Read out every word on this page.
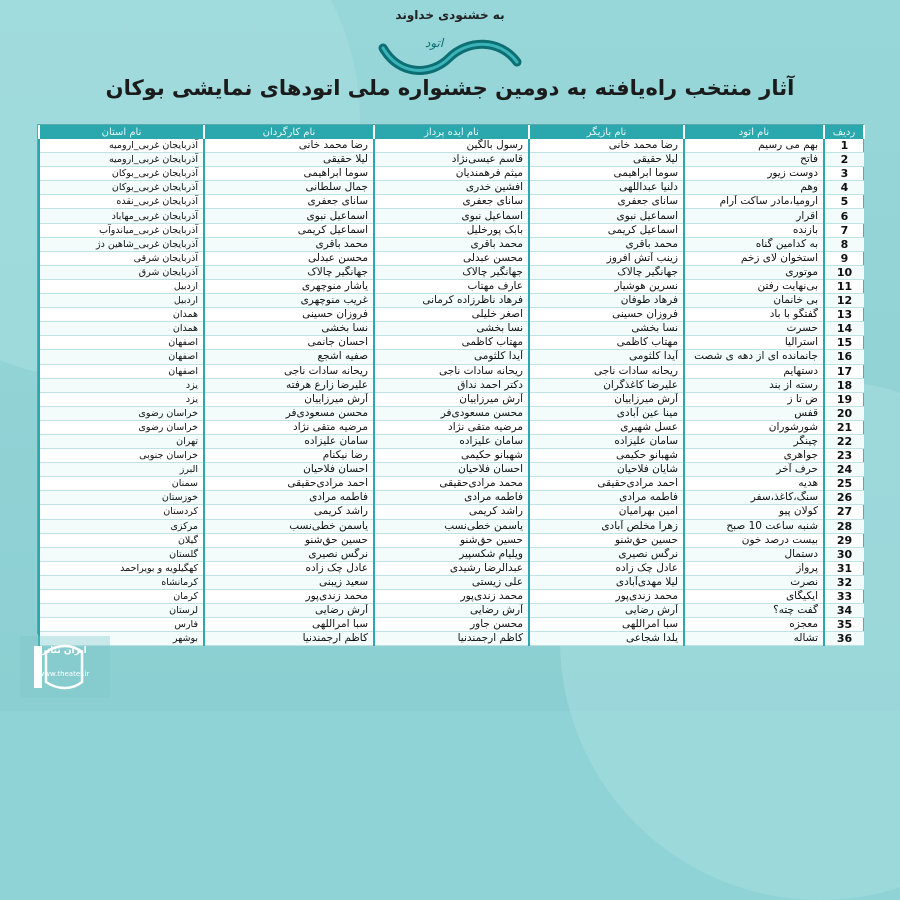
به خشنودی خداوند
اتود
آثار منتخب راه‌یافته به دومین جشنواره ملی اتودهای نمایشی بوکان
ردیف	نام اتود	نام بازیگر	نام ایده پرداز	نام کارگردان	نام استان
1	بهم می رسیم	رضا محمد خانی	رسول بالگین	رضا محمد خانی	آذربایجان غربی_ارومیه
2	فاتح	لیلا حقیقی	قاسم عیسی‌نژاد	لیلا حقیقی	آذربایجان غربی_ارومیه
3	دوست زیور	سوما ابراهیمی	میثم فرهمندیان	سوما ابراهیمی	آذربایجان غربی_بوکان
4	وهم	دلنیا عبداللهی	افشین خدری	جمال سلطانی	آذربایجان غربی_بوکان
5	ارومیا،مادر ساکت آرام	سانای جعفری	سانای جعفری	سانای جعفری	آذربایجان غربی_نقده
6	اقرار	اسماعیل نبوی	اسماعیل نبوی	اسماعیل نبوی	آذربایجان غربی_مهاباد
7	بازنده	اسماعیل کریمی	بابک پورخلیل	اسماعیل کریمی	آذربایجان غربی_میاندوآب
8	به کدامین گناه	محمد باقری	محمد باقری	محمد باقری	آذربایجان غربی_شاهین دژ
9	استخوان لای زخم	زینب آتش افروز	محسن عبدلی	محسن عبدلی	آذربایجان شرقی
10	موتوری	جهانگیر چالاک	جهانگیر چالاک	جهانگیر چالاک	آذربایجان شرق
11	بی‌نهایت رفتن	نسرین هوشیار	عارف مهتاب	یاشار منوچهری	اردبیل
12	بی خانمان	فرهاد طوفان	فرهاد ناظرزاده کرمانی	غریب منوچهری	اردبیل
13	گفتگو با باد	فروزان حسینی	اصغر خلیلی	فروزان حسینی	همدان
14	حسرت	نسا بخشی	نسا بخشی	نسا بخشی	همدان
15	استرالیا	مهتاب کاظمی	مهتاب کاظمی	احسان جانمی	اصفهان
16	جانمانده ای از دهه ی شصت	آیدا کلثومی	آیدا کلثومی	صفیه اشجع	اصفهان
17	دستهایم	ریحانه سادات ناجی	ریحانه سادات ناجی	ریحانه سادات ناجی	اصفهان
18	رسته از بند	علیرضا کاغذگران	دکتر احمد نداق	علیرضا زارع هرفته	یزد
19	ض تا ز	آرش میرزاییان	آرش میرزاییان	آرش میرزاییان	یزد
20	قفس	مینا عین آبادی	محسن مسعودی‌فر	محسن مسعودی‌فر	خراسان رضوی
21	شورشوران	عسل شهیری	مرضیه متقی نژاد	مرضیه متقی نژاد	خراسان رضوی
22	چینگر	سامان علیزاده	سامان علیزاده	سامان علیزاده	تهران
23	جواهری	شهبانو حکیمی	شهبانو حکیمی	رضا نیکنام	خراسان جنوبی
24	حرف آخر	شایان فلاحیان	احسان فلاحیان	احسان فلاحیان	البرز
25	هدیه	احمد مرادی‌حقیقی	محمد مرادی‌حقیقی	احمد مرادی‌حقیقی	سمنان
26	سنگ،کاغذ،سفر	فاطمه مرادی	فاطمه مرادی	فاطمه مرادی	خوزستان
27	کولان پیو	امین بهرامیان	راشد کریمی	راشد کریمی	کردستان
28	شنبه ساعت 10 صبح	زهرا مخلص آبادی	یاسمن خطی‌نسب	یاسمن خطی‌نسب	مرکزی
29	بیست درصد خون	حسین حق‌شنو	حسین حق‌شنو	حسین حق‌شنو	گیلان
30	دستمال	نرگس نصیری	ویلیام شکسپیر	نرگس نصیری	گلستان
31	پرواز	عادل چک زاده	عبدالرضا رشیدی	عادل چک زاده	کهگیلویه و بویراحمد
32	نصرت	لیلا مهدی‌آبادی	علی زیستی	سعید زیبنی	کرمانشاه
33	ایکیگای	محمد زندی‌پور	محمد زندی‌پور	محمد زندی‌پور	کرمان
34	گفت چته؟	آرش رضایی	آرش رضایی	آرش رضایی	لرستان
35	معجزه	سبا امراللهی	محسن جاور	سبا امراللهی	فارس
36	تشاله	یلدا شجاعی	کاظم ارجمندنیا	کاظم ارجمندنیا	بوشهر
ایران تئاتر
www.theater.ir
